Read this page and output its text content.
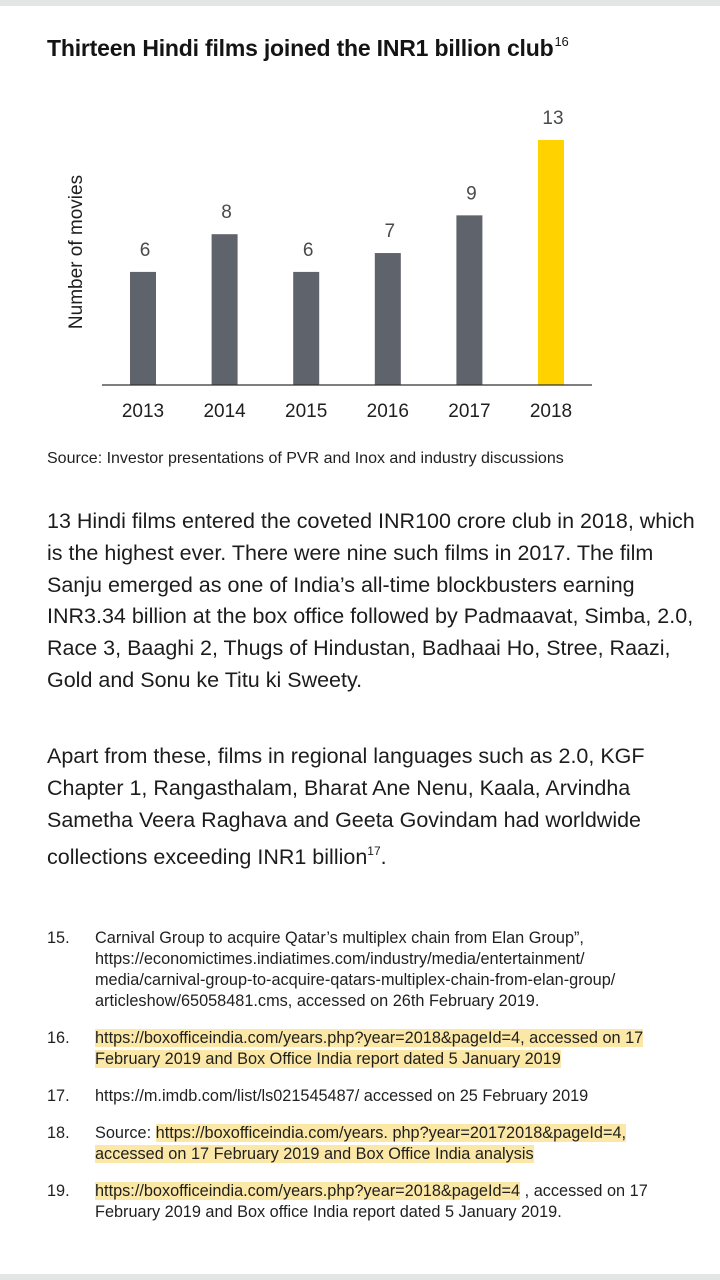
Thirteen Hindi films joined the INR1 billion club$^{16}$
Number of movies	6
2013
8
2014
6
2015
7
2016
9
2017
13
2018
Source: Investor presentations of PVR and Inox and industry discussions

13 Hindi films entered the coveted INR100 crore club in 2018, which is the highest ever. There were nine such films in 2017. The film Sanju emerged as one of India’s all-time blockbusters earning INR3.34 billion at the box office followed by Padmaavat, Simba, 2.0, Race 3, Baaghi 2, Thugs of Hindustan, Badhaai Ho, Stree, Raazi, Gold and Sonu ke Titu ki Sweety.

Apart from these, films in regional languages such as 2.0, KGF Chapter 1, Rangasthalam, Bharat Ane Nenu, Kaala, Arvindha Sametha Veera Raghava and Geeta Govindam had worldwide collections exceeding INR1 billion$^{17}$.

15. Carnival Group to acquire Qatar’s multiplex chain from Elan Group”, https://economictimes.indiatimes.com/industry/media/entertainment/ media/carnival-group-to-acquire-qatars-multiplex-chain-from-elan-group/ articleshow/65058481.cms, accessed on 26th February 2019.
16. https://boxofficeindia.com/years.php?year=2018&pageId=4, accessed on 17 February 2019 and Box Office India report dated 5 January 2019
17. https://m.imdb.com/list/ls021545487/ accessed on 25 February 2019
18. Source: https://boxofficeindia.com/years. php?year=20172018&pageId=4, accessed on 17 February 2019 and Box Office India analysis
19. https://boxofficeindia.com/years.php?year=2018&pageId=4 , accessed on 17 February 2019 and Box office India report dated 5 January 2019.
